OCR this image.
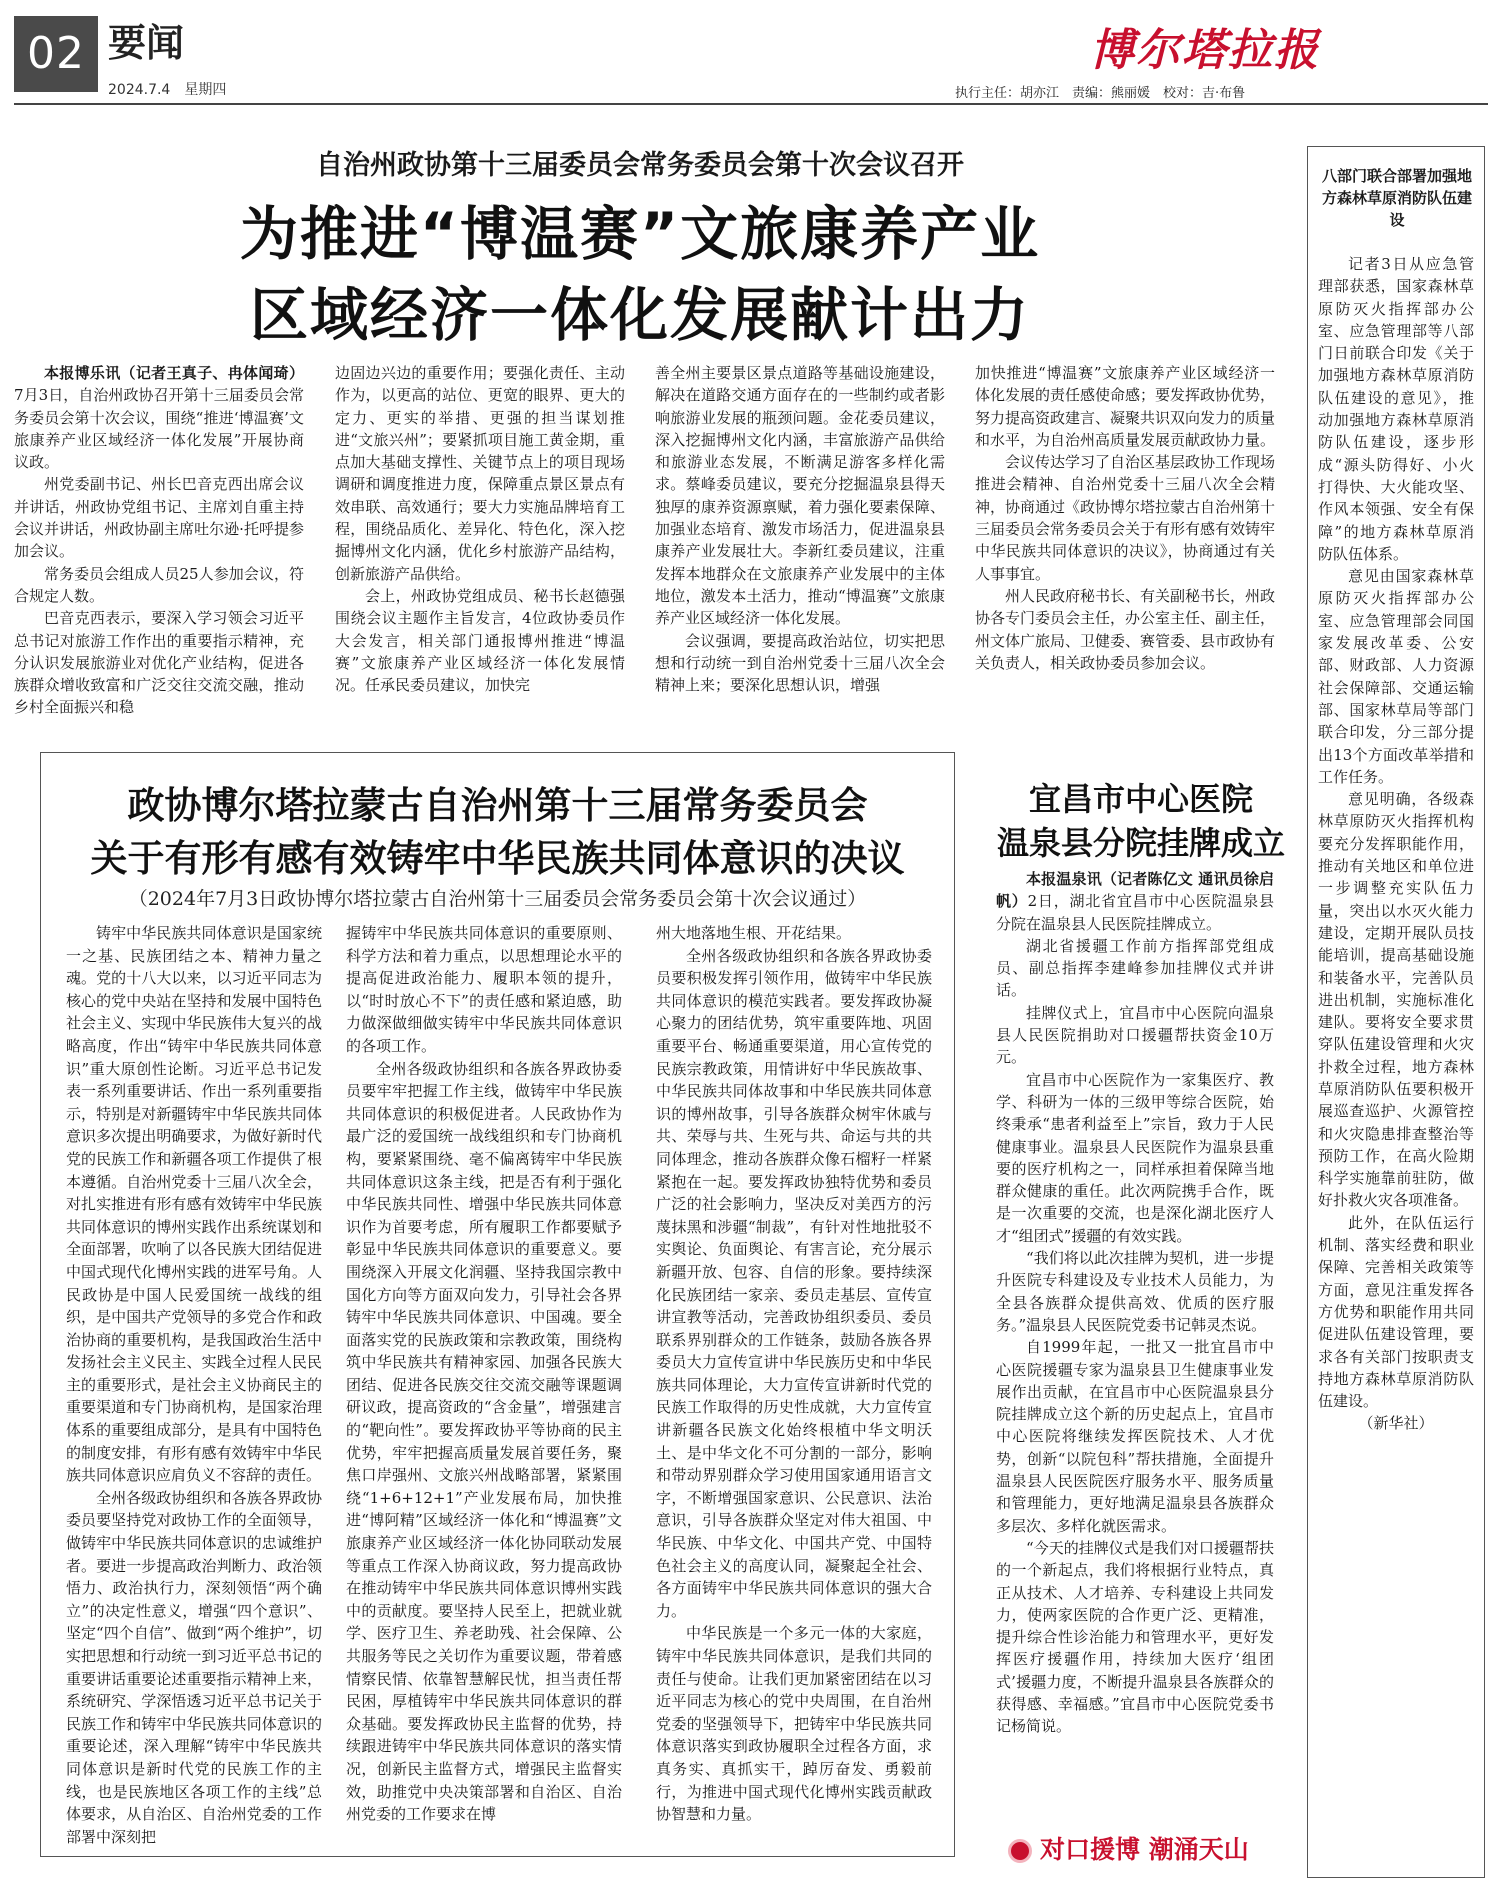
02 要闻
2024.7.4　星期四
博尔塔拉报
执行主任：胡亦江　责编：熊丽媛　校对：吉·布鲁
自治州政协第十三届委员会常务委员会第十次会议召开
为推进“博温赛”文旅康养产业
区域经济一体化发展献计出力

本报博乐讯（记者王真子、冉体闻琦）7月3日，自治州政协召开第十三届委员会常务委员会第十次会议，围绕“推进‘博温赛’文旅康养产业区域经济一体化发展”开展协商议政。

州党委副书记、州长巴音克西出席会议并讲话，州政协党组书记、主席刘自重主持会议并讲话，州政协副主席吐尔逊·托呼提参加会议。

常务委员会组成人员25人参加会议，符合规定人数。

巴音克西表示，要深入学习领会习近平总书记对旅游工作作出的重要指示精神，充分认识发展旅游业对优化产业结构，促进各族群众增收致富和广泛交往交流交融，推动乡村全面振兴和稳

边固边兴边的重要作用；要强化责任、主动作为，以更高的站位、更宽的眼界、更大的定力、更实的举措、更强的担当谋划推进“文旅兴州”；要紧抓项目施工黄金期，重点加大基础支撑性、关键节点上的项目现场调研和调度推进力度，保障重点景区景点有效串联、高效通行；要大力实施品牌培育工程，围绕品质化、差异化、特色化，深入挖掘博州文化内涵，优化乡村旅游产品结构，创新旅游产品供给。

会上，州政协党组成员、秘书长赵德强围绕会议主题作主旨发言，4位政协委员作大会发言，相关部门通报博州推进“博温赛”文旅康养产业区域经济一体化发展情况。任承民委员建议，加快完

善全州主要景区景点道路等基础设施建设，解决在道路交通方面存在的一些制约或者影响旅游业发展的瓶颈问题。金花委员建议，深入挖掘博州文化内涵，丰富旅游产品供给和旅游业态发展，不断满足游客多样化需求。蔡峰委员建议，要充分挖掘温泉县得天独厚的康养资源禀赋，着力强化要素保障、加强业态培育、激发市场活力，促进温泉县康养产业发展壮大。李新红委员建议，注重发挥本地群众在文旅康养产业发展中的主体地位，激发本土活力，推动“博温赛”文旅康养产业区域经济一体化发展。

会议强调，要提高政治站位，切实把思想和行动统一到自治州党委十三届八次全会精神上来；要深化思想认识，增强

加快推进“博温赛”文旅康养产业区域经济一体化发展的责任感使命感；要发挥政协优势，努力提高资政建言、凝聚共识双向发力的质量和水平，为自治州高质量发展贡献政协力量。

会议传达学习了自治区基层政协工作现场推进会精神、自治州党委十三届八次全会精神，协商通过《政协博尔塔拉蒙古自治州第十三届委员会常务委员会关于有形有感有效铸牢中华民族共同体意识的决议》，协商通过有关人事事宜。

州人民政府秘书长、有关副秘书长，州政协各专门委员会主任，办公室主任、副主任，州文体广旅局、卫健委、赛管委、县市政协有关负责人，相关政协委员参加会议。

政协博尔塔拉蒙古自治州第十三届常务委员会
关于有形有感有效铸牢中华民族共同体意识的决议
（2024年7月3日政协博尔塔拉蒙古自治州第十三届委员会常务委员会第十次会议通过）

铸牢中华民族共同体意识是国家统一之基、民族团结之本、精神力量之魂。党的十八大以来，以习近平同志为核心的党中央站在坚持和发展中国特色社会主义、实现中华民族伟大复兴的战略高度，作出“铸牢中华民族共同体意识”重大原创性论断。习近平总书记发表一系列重要讲话、作出一系列重要指示，特别是对新疆铸牢中华民族共同体意识多次提出明确要求，为做好新时代党的民族工作和新疆各项工作提供了根本遵循。自治州党委十三届八次全会，对扎实推进有形有感有效铸牢中华民族共同体意识的博州实践作出系统谋划和全面部署，吹响了以各民族大团结促进中国式现代化博州实践的进军号角。人民政协是中国人民爱国统一战线的组织，是中国共产党领导的多党合作和政治协商的重要机构，是我国政治生活中发扬社会主义民主、实践全过程人民民主的重要形式，是社会主义协商民主的重要渠道和专门协商机构，是国家治理体系的重要组成部分，是具有中国特色的制度安排，有形有感有效铸牢中华民族共同体意识应肩负义不容辞的责任。

全州各级政协组织和各族各界政协委员要坚持党对政协工作的全面领导，做铸牢中华民族共同体意识的忠诚维护者。要进一步提高政治判断力、政治领悟力、政治执行力，深刻领悟“两个确立”的决定性意义，增强“四个意识”、坚定“四个自信”、做到“两个维护”，切实把思想和行动统一到习近平总书记的重要讲话重要论述重要指示精神上来，系统研究、学深悟透习近平总书记关于民族工作和铸牢中华民族共同体意识的重要论述，深入理解“铸牢中华民族共同体意识是新时代党的民族工作的主线，也是民族地区各项工作的主线”总体要求，从自治区、自治州党委的工作部署中深刻把

握铸牢中华民族共同体意识的重要原则、科学方法和着力重点，以思想理论水平的提高促进政治能力、履职本领的提升，以“时时放心不下”的责任感和紧迫感，助力做深做细做实铸牢中华民族共同体意识的各项工作。

全州各级政协组织和各族各界政协委员要牢牢把握工作主线，做铸牢中华民族共同体意识的积极促进者。人民政协作为最广泛的爱国统一战线组织和专门协商机构，要紧紧围绕、毫不偏离铸牢中华民族共同体意识这条主线，把是否有利于强化中华民族共同性、增强中华民族共同体意识作为首要考虑，所有履职工作都要赋予彰显中华民族共同体意识的重要意义。要围绕深入开展文化润疆、坚持我国宗教中国化方向等方面双向发力，引导社会各界铸牢中华民族共同体意识、中国魂。要全面落实党的民族政策和宗教政策，围绕构筑中华民族共有精神家园、加强各民族大团结、促进各民族交往交流交融等课题调研议政，提高资政的“含金量”，增强建言的“靶向性”。要发挥政协平等协商的民主优势，牢牢把握高质量发展首要任务，聚焦口岸强州、文旅兴州战略部署，紧紧围绕“1+6+12+1”产业发展布局，加快推进“博阿精”区域经济一体化和“博温赛”文旅康养产业区域经济一体化协同联动发展等重点工作深入协商议政，努力提高政协在推动铸牢中华民族共同体意识博州实践中的贡献度。要坚持人民至上，把就业就学、医疗卫生、养老助残、社会保障、公共服务等民之关切作为重要议题，带着感情察民情、依靠智慧解民忧，担当责任帮民困，厚植铸牢中华民族共同体意识的群众基础。要发挥政协民主监督的优势，持续跟进铸牢中华民族共同体意识的落实情况，创新民主监督方式，增强民主监督实效，助推党中央决策部署和自治区、自治州党委的工作要求在博

州大地落地生根、开花结果。

全州各级政协组织和各族各界政协委员要积极发挥引领作用，做铸牢中华民族共同体意识的模范实践者。要发挥政协凝心聚力的团结优势，筑牢重要阵地、巩固重要平台、畅通重要渠道，用心宣传党的民族宗教政策，用情讲好中华民族故事、中华民族共同体故事和中华民族共同体意识的博州故事，引导各族群众树牢休戚与共、荣辱与共、生死与共、命运与共的共同体理念，推动各族群众像石榴籽一样紧紧抱在一起。要发挥政协独特优势和委员广泛的社会影响力，坚决反对美西方的污蔑抹黑和涉疆“制裁”，有针对性地批驳不实舆论、负面舆论、有害言论，充分展示新疆开放、包容、自信的形象。要持续深化民族团结一家亲、委员走基层、宣传宣讲宣教等活动，完善政协组织委员、委员联系界别群众的工作链条，鼓励各族各界委员大力宣传宣讲中华民族历史和中华民族共同体理论，大力宣传宣讲新时代党的民族工作取得的历史性成就，大力宣传宣讲新疆各民族文化始终根植中华文明沃土、是中华文化不可分割的一部分，影响和带动界别群众学习使用国家通用语言文字，不断增强国家意识、公民意识、法治意识，引导各族群众坚定对伟大祖国、中华民族、中华文化、中国共产党、中国特色社会主义的高度认同，凝聚起全社会、各方面铸牢中华民族共同体意识的强大合力。

中华民族是一个多元一体的大家庭，铸牢中华民族共同体意识，是我们共同的责任与使命。让我们更加紧密团结在以习近平同志为核心的党中央周围，在自治州党委的坚强领导下，把铸牢中华民族共同体意识落实到政协履职全过程各方面，求真务实、真抓实干，踔厉奋发、勇毅前行，为推进中国式现代化博州实践贡献政协智慧和力量。

宜昌市中心医院
温泉县分院挂牌成立

本报温泉讯（记者陈亿文 通讯员徐启帆）2日，湖北省宜昌市中心医院温泉县分院在温泉县人民医院挂牌成立。

湖北省援疆工作前方指挥部党组成员、副总指挥李建峰参加挂牌仪式并讲话。

挂牌仪式上，宜昌市中心医院向温泉县人民医院捐助对口援疆帮扶资金10万元。

宜昌市中心医院作为一家集医疗、教学、科研为一体的三级甲等综合医院，始终秉承“患者利益至上”宗旨，致力于人民健康事业。温泉县人民医院作为温泉县重要的医疗机构之一，同样承担着保障当地群众健康的重任。此次两院携手合作，既是一次重要的交流，也是深化湖北医疗人才“组团式”援疆的有效实践。

“我们将以此次挂牌为契机，进一步提升医院专科建设及专业技术人员能力，为全县各族群众提供高效、优质的医疗服务。”温泉县人民医院党委书记韩灵杰说。

自1999年起，一批又一批宜昌市中心医院援疆专家为温泉县卫生健康事业发展作出贡献，在宜昌市中心医院温泉县分院挂牌成立这个新的历史起点上，宜昌市中心医院将继续发挥医院技术、人才优势，创新“以院包科”帮扶措施，全面提升温泉县人民医院医疗服务水平、服务质量和管理能力，更好地满足温泉县各族群众多层次、多样化就医需求。

“今天的挂牌仪式是我们对口援疆帮扶的一个新起点，我们将根据行业特点，真正从技术、人才培养、专科建设上共同发力，使两家医院的合作更广泛、更精准，提升综合性诊治能力和管理水平，更好发挥医疗援疆作用，持续加大医疗‘组团式’援疆力度，不断提升温泉县各族群众的获得感、幸福感。”宜昌市中心医院党委书记杨简说。

对口援博 潮涌天山
八部门联合部署加强地方森林草原消防队伍建设

记者3日从应急管理部获悉，国家森林草原防灭火指挥部办公室、应急管理部等八部门日前联合印发《关于加强地方森林草原消防队伍建设的意见》，推动加强地方森林草原消防队伍建设，逐步形成“源头防得好、小火打得快、大火能攻坚、作风本领强、安全有保障”的地方森林草原消防队伍体系。

意见由国家森林草原防灭火指挥部办公室、应急管理部会同国家发展改革委、公安部、财政部、人力资源社会保障部、交通运输部、国家林草局等部门联合印发，分三部分提出13个方面改革举措和工作任务。

意见明确，各级森林草原防灭火指挥机构要充分发挥职能作用，推动有关地区和单位进一步调整充实队伍力量，突出以水灭火能力建设，定期开展队员技能培训，提高基础设施和装备水平，完善队员进出机制，实施标准化建队。要将安全要求贯穿队伍建设管理和火灾扑救全过程，地方森林草原消防队伍要积极开展巡查巡护、火源管控和火灾隐患排查整治等预防工作，在高火险期科学实施靠前驻防，做好扑救火灾各项准备。

此外，在队伍运行机制、落实经费和职业保障、完善相关政策等方面，意见注重发挥各方优势和职能作用共同促进队伍建设管理，要求各有关部门按职责支持地方森林草原消防队伍建设。

（新华社）
